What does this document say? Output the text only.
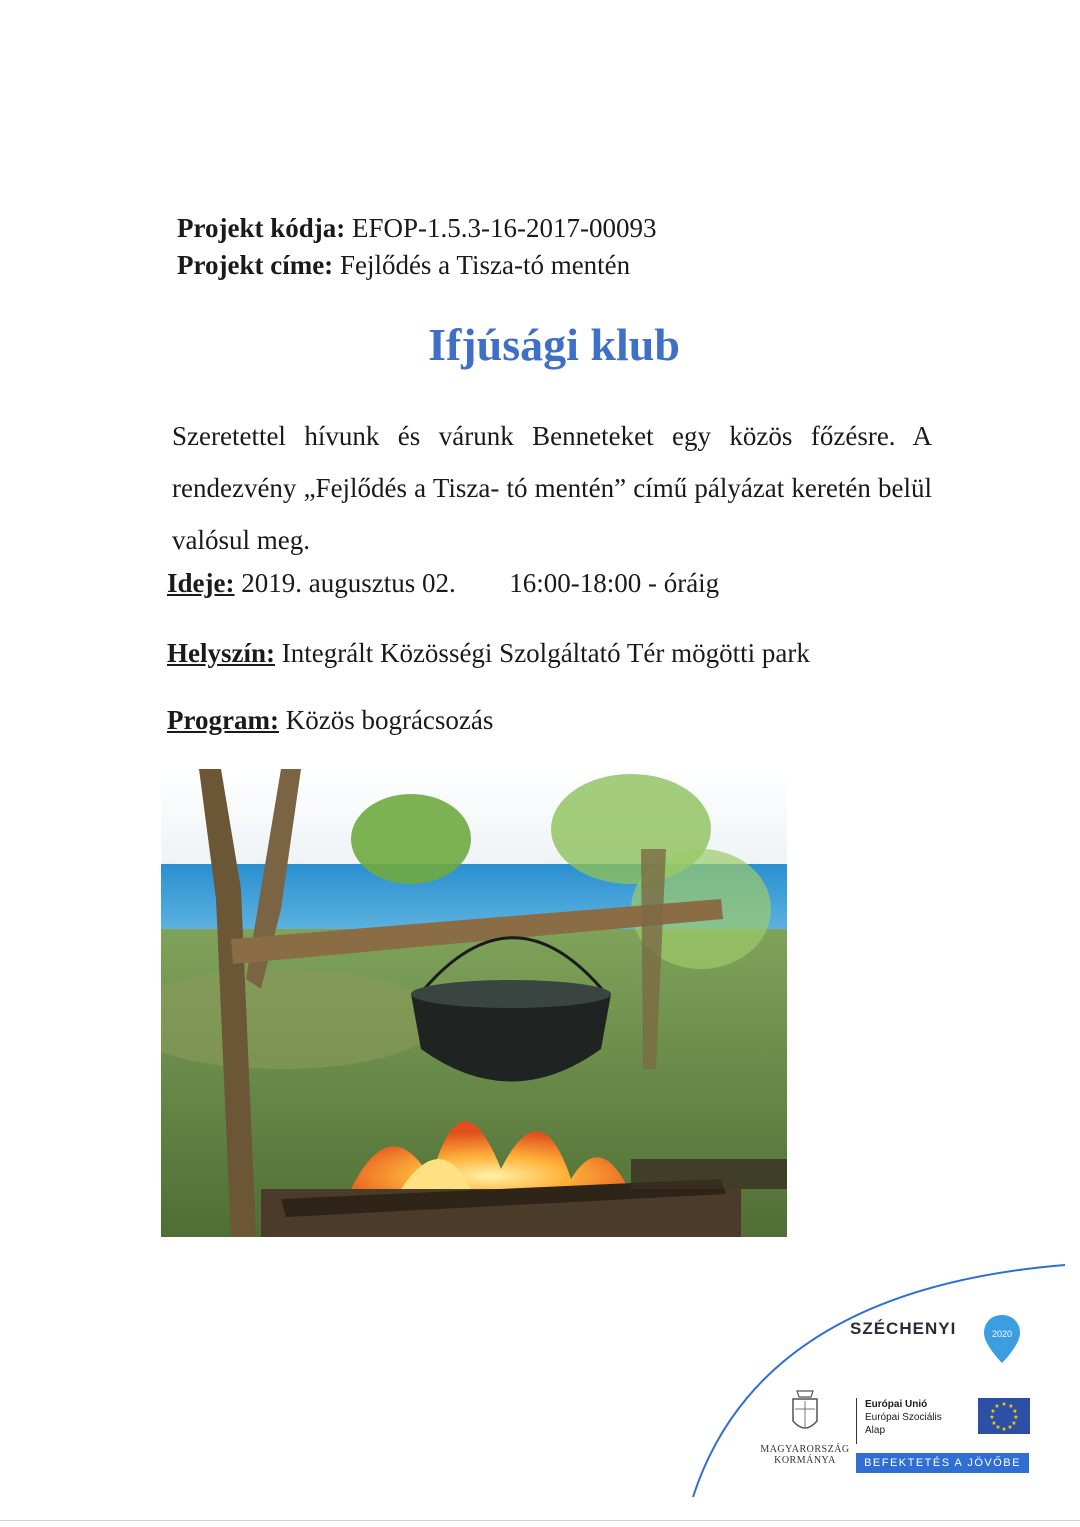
Projekt kódja: EFOP-1.5.3-16-2017-00093
Projekt címe: Fejlődés a Tisza-tó mentén
Ifjúsági klub
Szeretettel hívunk és várunk Benneteket egy közös főzésre. A rendezvény „Fejlődés a Tisza- tó mentén” című pályázat keretén belül valósul meg.
Ideje: 2019. augusztus 02. 16:00-18:00 - óráig
Helyszín: Integrált Közösségi Szolgáltató Tér mögötti park
Program: Közös bográcsozás
SZÉCHENYI	2020
MAGYARORSZÁG
KORMÁNYA
Európai Unió
Európai Szociális
Alap
★ ★
★
★
★
★
★
★
★
★
★
★
BEFEKTETÉS A JÖVŐBE
